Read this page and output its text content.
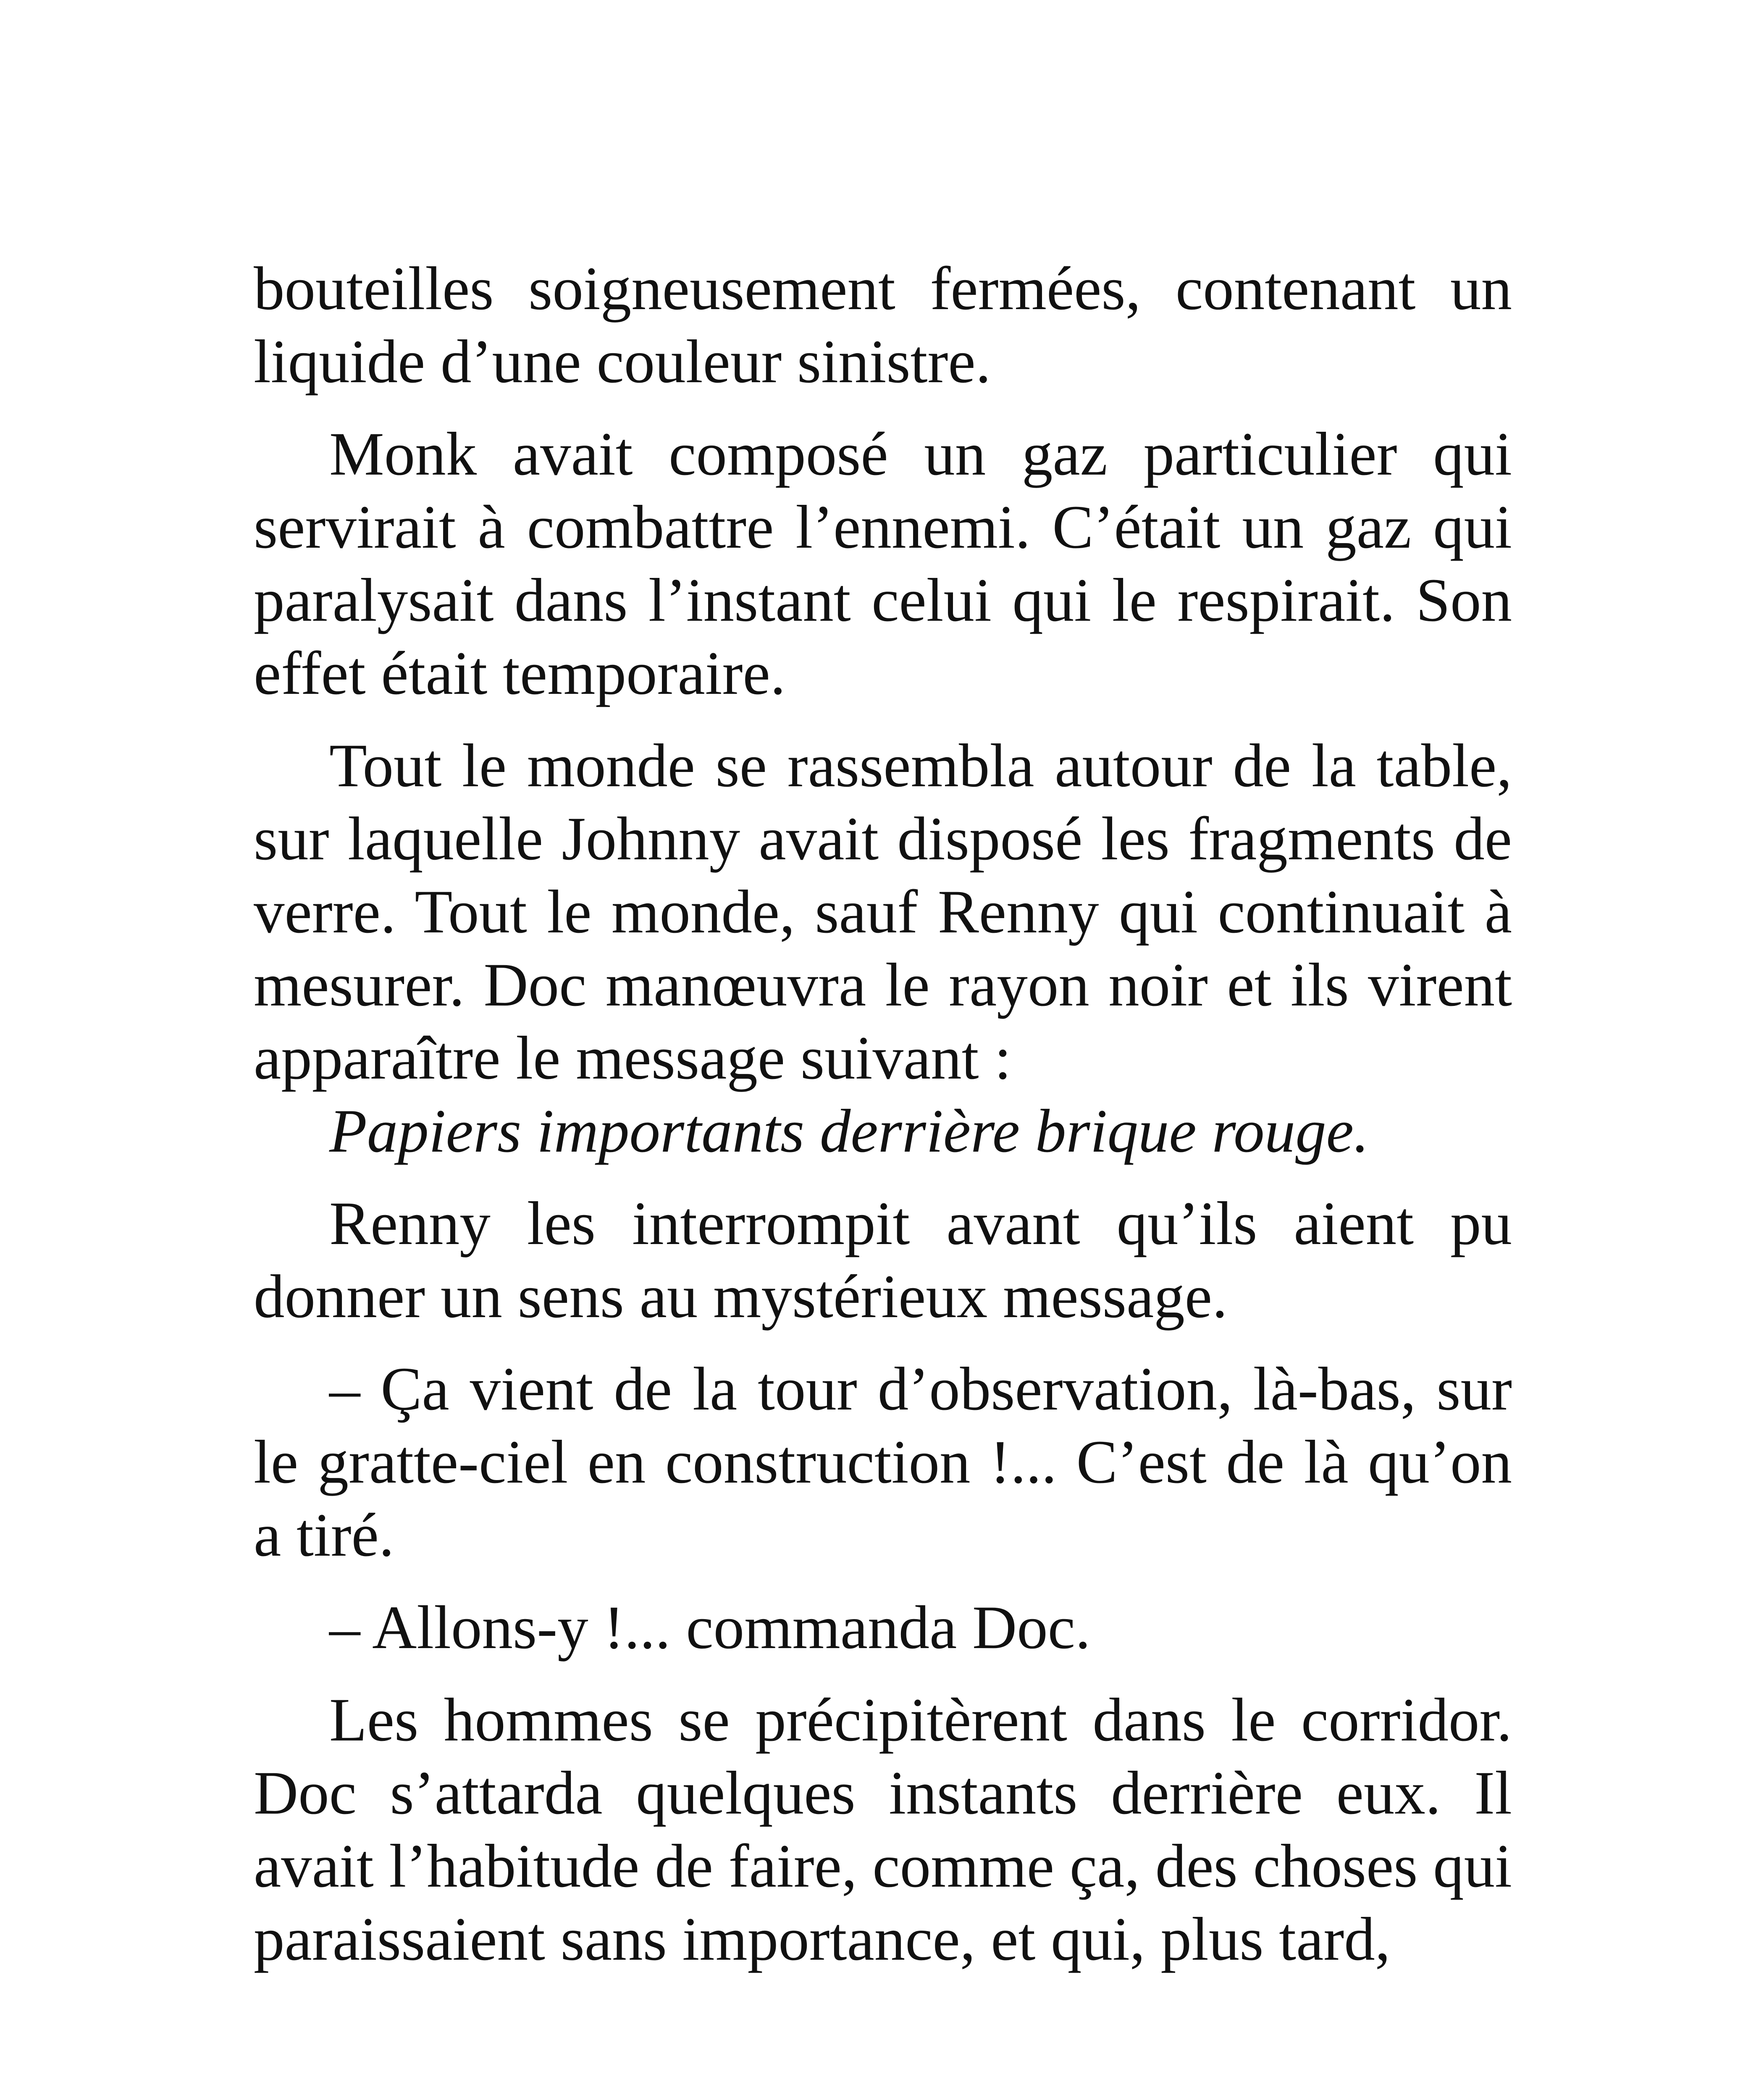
bouteilles soigneusement fermées, contenant un liquide d’une couleur sinistre.

Monk avait composé un gaz particulier qui servirait à combattre l’ennemi. C’était un gaz qui paralysait dans l’instant celui qui le respirait. Son effet était temporaire.

Tout le monde se rassembla autour de la table, sur laquelle Johnny avait disposé les fragments de verre. Tout le monde, sauf Renny qui continuait à mesurer. Doc manœuvra le rayon noir et ils virent apparaître le message suivant :
Papiers importants derrière brique rouge.

Renny les interrompit avant qu’ils aient pu donner un sens au mystérieux message.

– Ça vient de la tour d’observation, là-bas, sur le gratte-ciel en construction !... C’est de là qu’on a tiré.

– Allons-y !... commanda Doc.

Les hommes se précipitèrent dans le corridor. Doc s’attarda quelques instants derrière eux. Il avait l’habitude de faire, comme ça, des choses qui paraissaient sans importance, et qui, plus tard,
